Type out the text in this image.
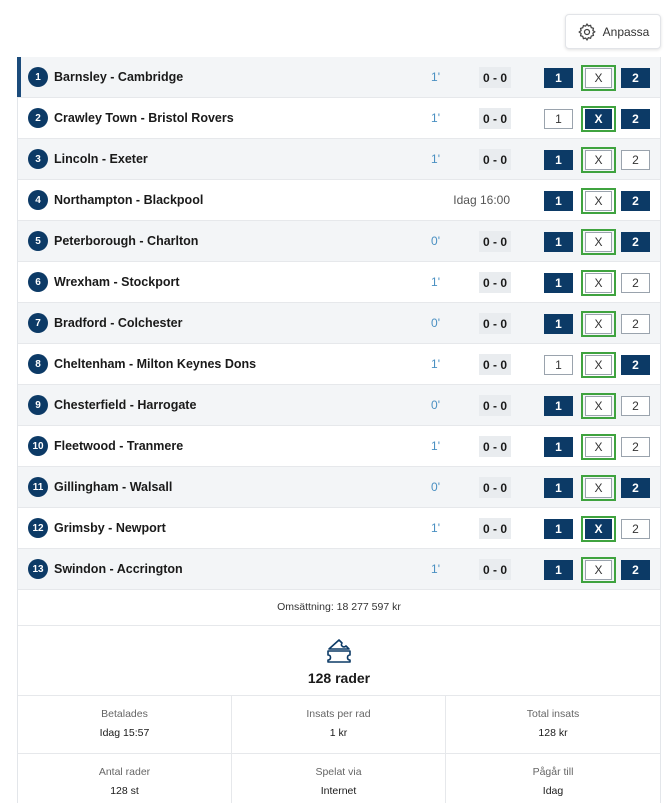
Anpassa
1	Barnsley - Cambridge	1'	0 - 0	1	X	2
2	Crawley Town - Bristol Rovers	1'	0 - 0	1	X	2
3	Lincoln - Exeter	1'	0 - 0	1	X	2
4	Northampton - Blackpool	Idag 16:00	1	X	2
5	Peterborough - Charlton	0'	0 - 0	1	X	2
6	Wrexham - Stockport	1'	0 - 0	1	X	2
7	Bradford - Colchester	0'	0 - 0	1	X	2
8	Cheltenham - Milton Keynes Dons	1'	0 - 0	1	X	2
9	Chesterfield - Harrogate	0'	0 - 0	1	X	2
10 Fleetwood - Tranmere	1'	0 - 0	1	X	2
11 Gillingham - Walsall	0'	0 - 0	1	X	2
12 Grimsby - Newport	1'	0 - 0	1	X	2
13 Swindon - Accrington	1'	0 - 0	1	X	2
Omsättning: 18 277 597 kr
128 rader
Betalades
Idag 15:57
Insats per rad
1 kr
Total insats
128 kr
Antal rader
128 st
Spelat via
Internet
Pågår till
Idag
